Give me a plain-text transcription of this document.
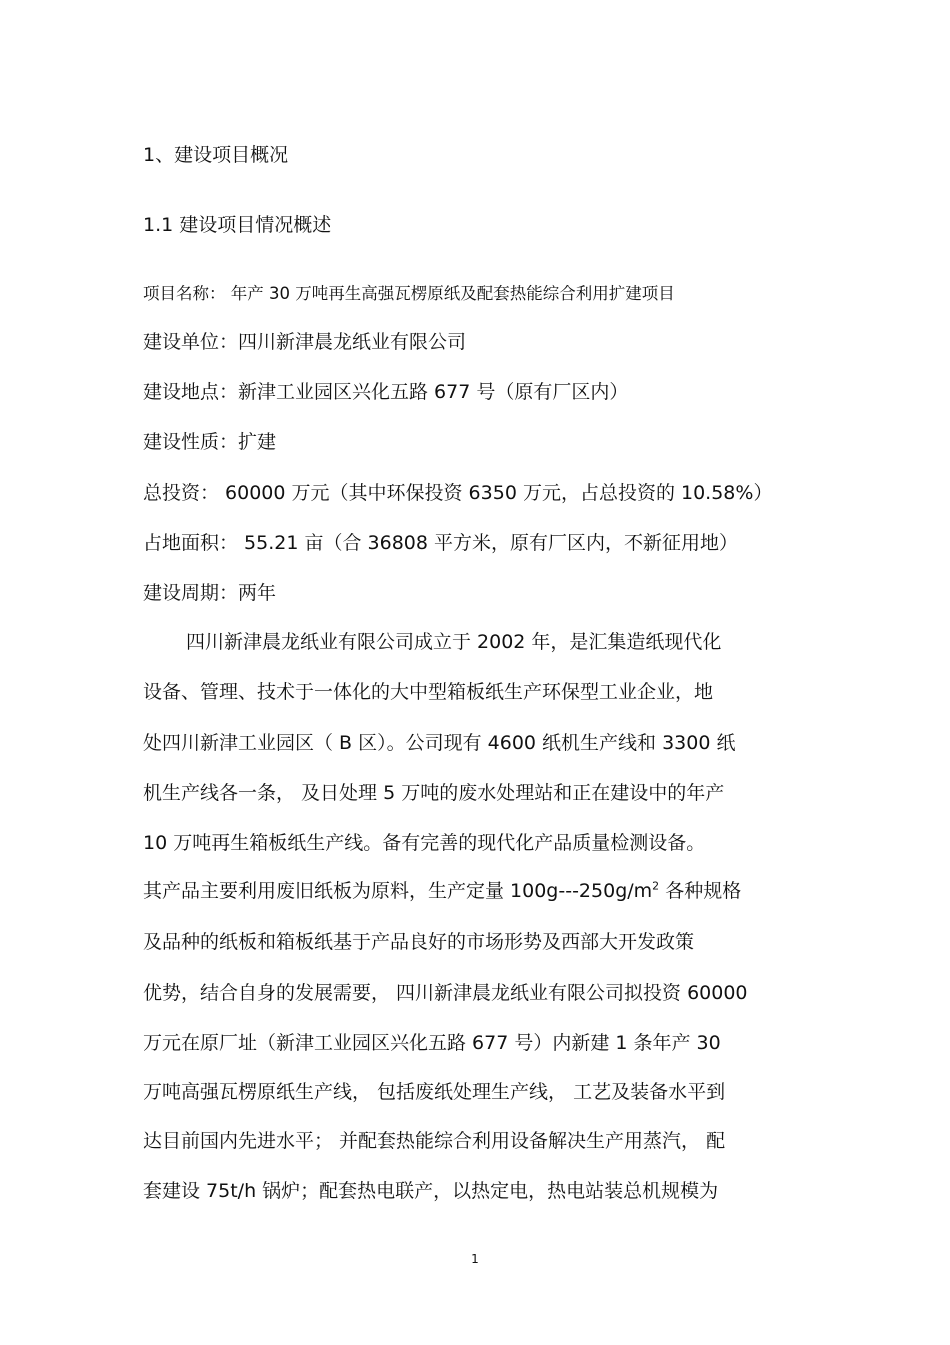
1、建设项目概况
1.1 建设项目情况概述
项目名称： 年产 30 万吨再生高强瓦楞原纸及配套热能综合利用扩建项目
建设单位：四川新津晨龙纸业有限公司
建设地点：新津工业园区兴化五路 677 号（原有厂区内）
建设性质：扩建
总投资： 60000 万元（其中环保投资 6350 万元，占总投资的 10.58%）
占地面积： 55.21 亩（合 36808 平方米，原有厂区内，不新征用地）
建设周期：两年
四川新津晨龙纸业有限公司成立于 2002 年，是汇集造纸现代化
设备、管理、技术于一体化的大中型箱板纸生产环保型工业企业，地
处四川新津工业园区（ B 区）。公司现有 4600 纸机生产线和 3300 纸
机生产线各一条， 及日处理 5 万吨的废水处理站和正在建设中的年产
10 万吨再生箱板纸生产线。备有完善的现代化产品质量检测设备。
其产品主要利用废旧纸板为原料，生产定量 $100g---250g/m^2$ 各种规格
及品种的纸板和箱板纸基于产品良好的市场形势及西部大开发政策
优势，结合自身的发展需要， 四川新津晨龙纸业有限公司拟投资 60000
万元在原厂址（新津工业园区兴化五路 677 号）内新建 1 条年产 30
万吨高强瓦楞原纸生产线， 包括废纸处理生产线， 工艺及装备水平到
达目前国内先进水平； 并配套热能综合利用设备解决生产用蒸汽， 配
套建设 75t/h 锅炉；配套热电联产，以热定电，热电站装总机规模为
1
